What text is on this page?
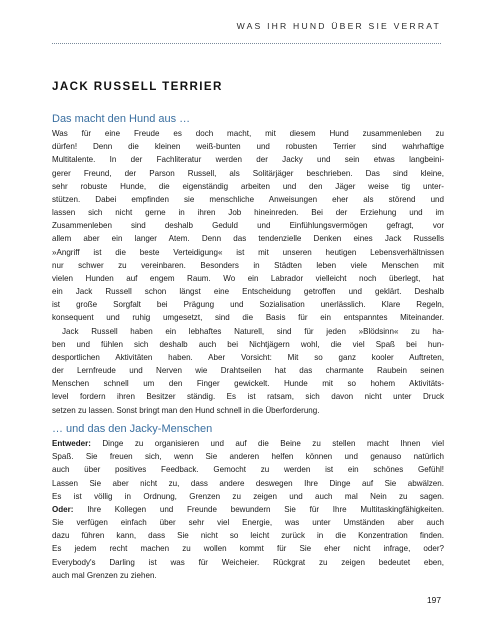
WAS IHR HUND ÜBER SIE VERRAT
JACK RUSSELL TERRIER
Das macht den Hund aus …
Was für eine Freude es doch macht, mit diesem Hund zusammenleben zu
dürfen! Denn die kleinen weiß-bunten und robusten Terrier sind wahrhaftige
Multitalente. In der Fachliteratur werden der Jacky und sein etwas langbeini-
gerer Freund, der Parson Russell, als Solitärjäger beschrieben. Das sind kleine,
sehr robuste Hunde, die eigenständig arbeiten und den Jäger weise tig unter-
stützen. Dabei empfinden sie menschliche Anweisungen eher als störend und
lassen sich nicht gerne in ihren Job hineinreden. Bei der Erziehung und im
Zusammenleben sind deshalb Geduld und Einfühlungsvermögen gefragt, vor
allem aber ein langer Atem. Denn das tendenzielle Denken eines Jack Russells
»Angriff ist die beste Verteidigung« ist mit unseren heutigen Lebensverhältnissen
nur schwer zu vereinbaren. Besonders in Städten leben viele Menschen mit
vielen Hunden auf engem Raum. Wo ein Labrador vielleicht noch überlegt, hat
ein Jack Russell schon längst eine Entscheidung getroffen und geklärt. Deshalb
ist große Sorgfalt bei Prägung und Sozialisation unerlässlich. Klare Regeln,
konsequent und ruhig umgesetzt, sind die Basis für ein entspanntes Miteinander.
Jack Russell haben ein lebhaftes Naturell, sind für jeden »Blödsinn« zu ha-
ben und fühlen sich deshalb auch bei Nichtjägern wohl, die viel Spaß bei hun-
desportlichen Aktivitäten haben. Aber Vorsicht: Mit so ganz kooler Auftreten,
der Lernfreude und Nerven wie Drahtseilen hat das charmante Raubein seinen
Menschen schnell um den Finger gewickelt. Hunde mit so hohem Aktivitäts-
level fordern ihren Besitzer ständig. Es ist ratsam, sich davon nicht unter Druck
setzen zu lassen. Sonst bringt man den Hund schnell in die Überforderung.
… und das den Jacky-Menschen
Entweder: Dinge zu organisieren und auf die Beine zu stellen macht Ihnen viel
Spaß. Sie freuen sich, wenn Sie anderen helfen können und genauso natürlich
auch über positives Feedback. Gemocht zu werden ist ein schönes Gefühl!
Lassen Sie aber nicht zu, dass andere deswegen Ihre Dinge auf Sie abwälzen.
Es ist völlig in Ordnung, Grenzen zu zeigen und auch mal Nein zu sagen.
Oder: Ihre Kollegen und Freunde bewundern Sie für Ihre Multitaskingfähigkeiten.
Sie verfügen einfach über sehr viel Energie, was unter Umständen aber auch
dazu führen kann, dass Sie nicht so leicht zurück in die Konzentration finden.
Es jedem recht machen zu wollen kommt für Sie eher nicht infrage, oder?
Everybody's Darling ist was für Weicheier. Rückgrat zu zeigen bedeutet eben,
auch mal Grenzen zu ziehen.
197
